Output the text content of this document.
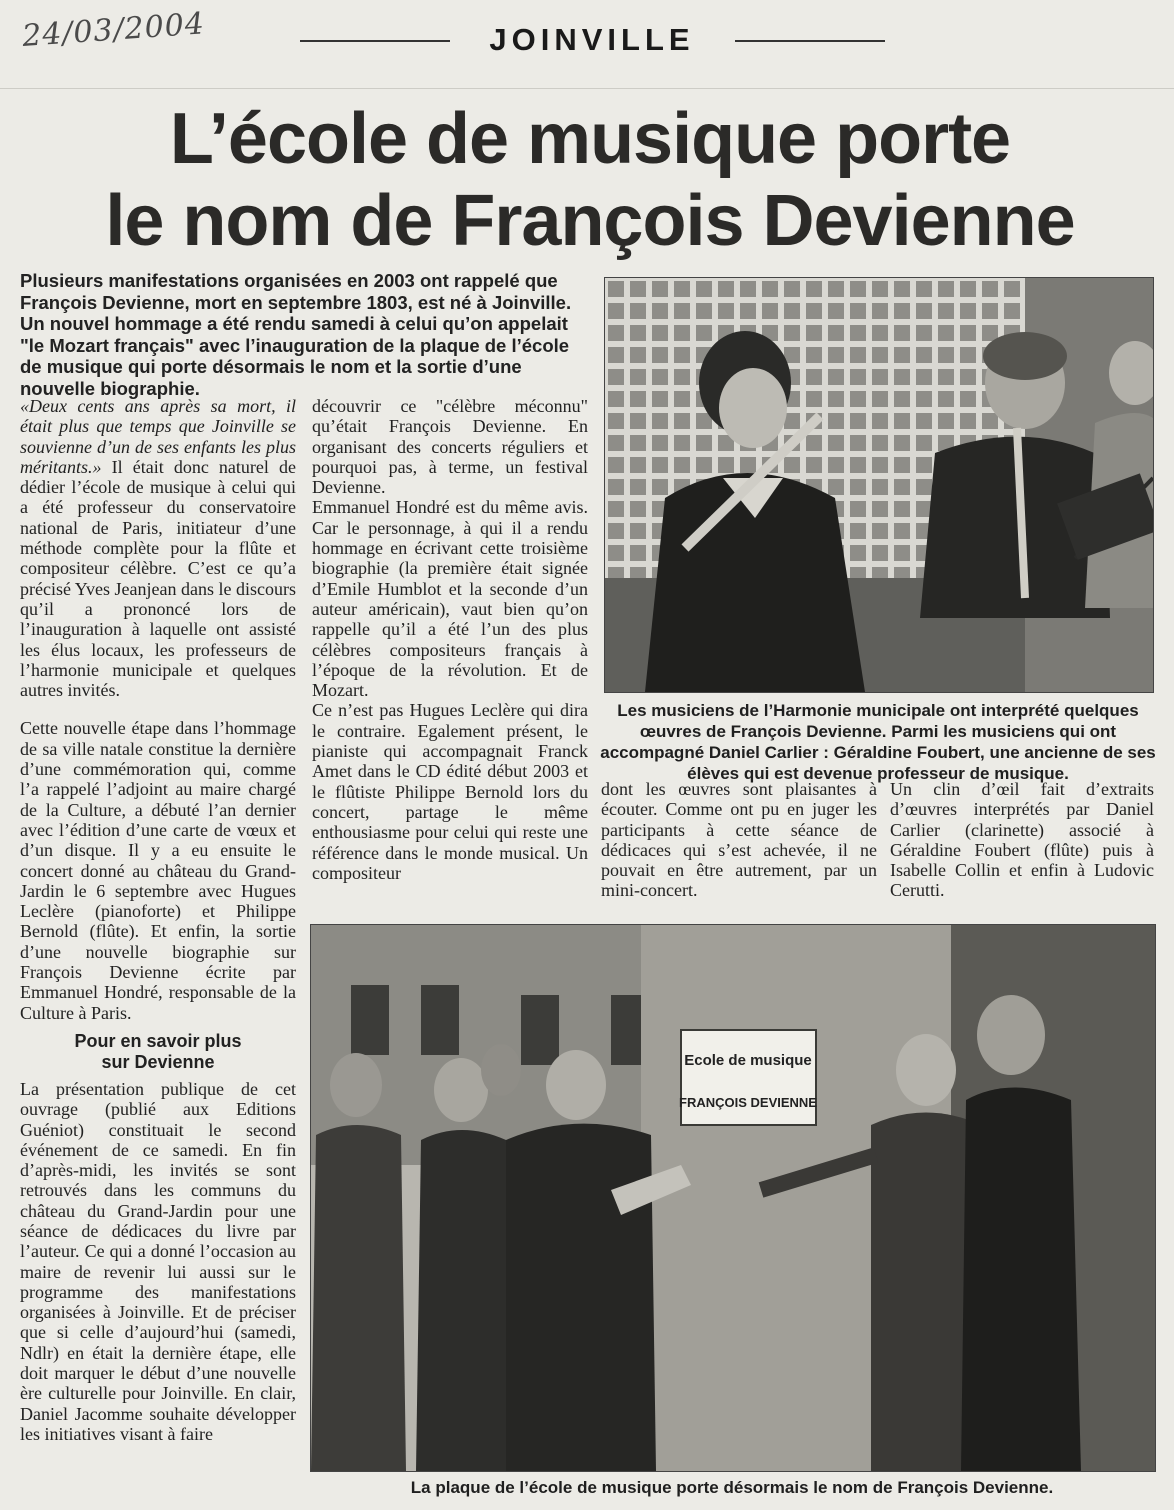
24/03/2004	JOINVILLE
L’école de musique porte
le nom de François Devienne
Plusieurs manifestations organisées en 2003 ont rappelé que François Devienne, mort en septembre 1803, est né à Joinville. Un nouvel hommage a été rendu samedi à celui qu’on appelait "le Mozart français" avec l’inauguration de la plaque de l’école de musique qui porte désormais le nom et la sortie d’une nouvelle biographie.

«Deux cents ans après sa mort, il était plus que temps que Joinville se souvienne d’un de ses enfants les plus méritants.» Il était donc naturel de dédier l’école de musique à celui qui a été professeur du conservatoire national de Paris, initiateur d’une méthode complète pour la flûte et compositeur célèbre. C’est ce qu’a précisé Yves Jeanjean dans le discours qu’il a prononcé lors de l’inauguration à laquelle ont assisté les élus locaux, les professeurs de l’harmonie municipale et quelques autres invités.

Cette nouvelle étape dans l’hommage de sa ville natale constitue la dernière d’une commémoration qui, comme l’a rappelé l’adjoint au maire chargé de la Culture, a débuté l’an dernier avec l’édition d’une carte de vœux et d’un disque. Il y a eu ensuite le concert donné au château du Grand-Jardin le 6 septembre avec Hugues Leclère (pianoforte) et Philippe Bernold (flûte). Et enfin, la sortie d’une nouvelle biographie sur François Devienne écrite par Emmanuel Hondré, responsable de la Culture à Paris.

Pour en savoir plus
sur Devienne

La présentation publique de cet ouvrage (publié aux Editions Guéniot) constituait le second événement de ce samedi. En fin d’après-midi, les invités se sont retrouvés dans les communs du château du Grand-Jardin pour une séance de dédicaces du livre par l’auteur. Ce qui a donné l’occasion au maire de revenir lui aussi sur le programme des manifestations organisées à Joinville. Et de préciser que si celle d’aujourd’hui (samedi, Ndlr) en était la dernière étape, elle doit marquer le début d’une nouvelle ère culturelle pour Joinville. En clair, Daniel Jacomme souhaite développer les initiatives visant à faire

découvrir ce "célèbre méconnu" qu’était François Devienne. En organisant des concerts réguliers et pourquoi pas, à terme, un festival Devienne.

Emmanuel Hondré est du même avis. Car le personnage, à qui il a rendu hommage en écrivant cette troisième biographie (la première était signée d’Emile Humblot et la seconde d’un auteur américain), vaut bien qu’on rappelle qu’il a été l’un des plus célèbres compositeurs français à l’époque de la révolution. Et de Mozart.

Ce n’est pas Hugues Leclère qui dira le contraire. Egalement présent, le pianiste qui accompagnait Franck Amet dans le CD édité début 2003 et le flûtiste Philippe Bernold lors du concert, partage le même enthousiasme pour celui qui reste une référence dans le monde musical. Un compositeur

Les musiciens de l’Harmonie municipale ont interprété quelques œuvres de François Devienne. Parmi les musiciens qui ont accompagné Daniel Carlier : Géraldine Foubert, une ancienne de ses élèves qui est devenue professeur de musique.
dont les œuvres sont plaisantes à écouter. Comme ont pu en juger les participants à cette séance de dédicaces qui s’est achevée, il ne pouvait en être autrement, par un mini-concert.
Un clin d’œil fait d’extraits d’œuvres interprétés par Daniel Carlier (clarinette) associé à Géraldine Foubert (flûte) puis à Isabelle Collin et enfin à Ludovic Cerutti.
Ecole de musique
FRANÇOIS DEVIENNE
La plaque de l’école de musique porte désormais le nom de François Devienne.
